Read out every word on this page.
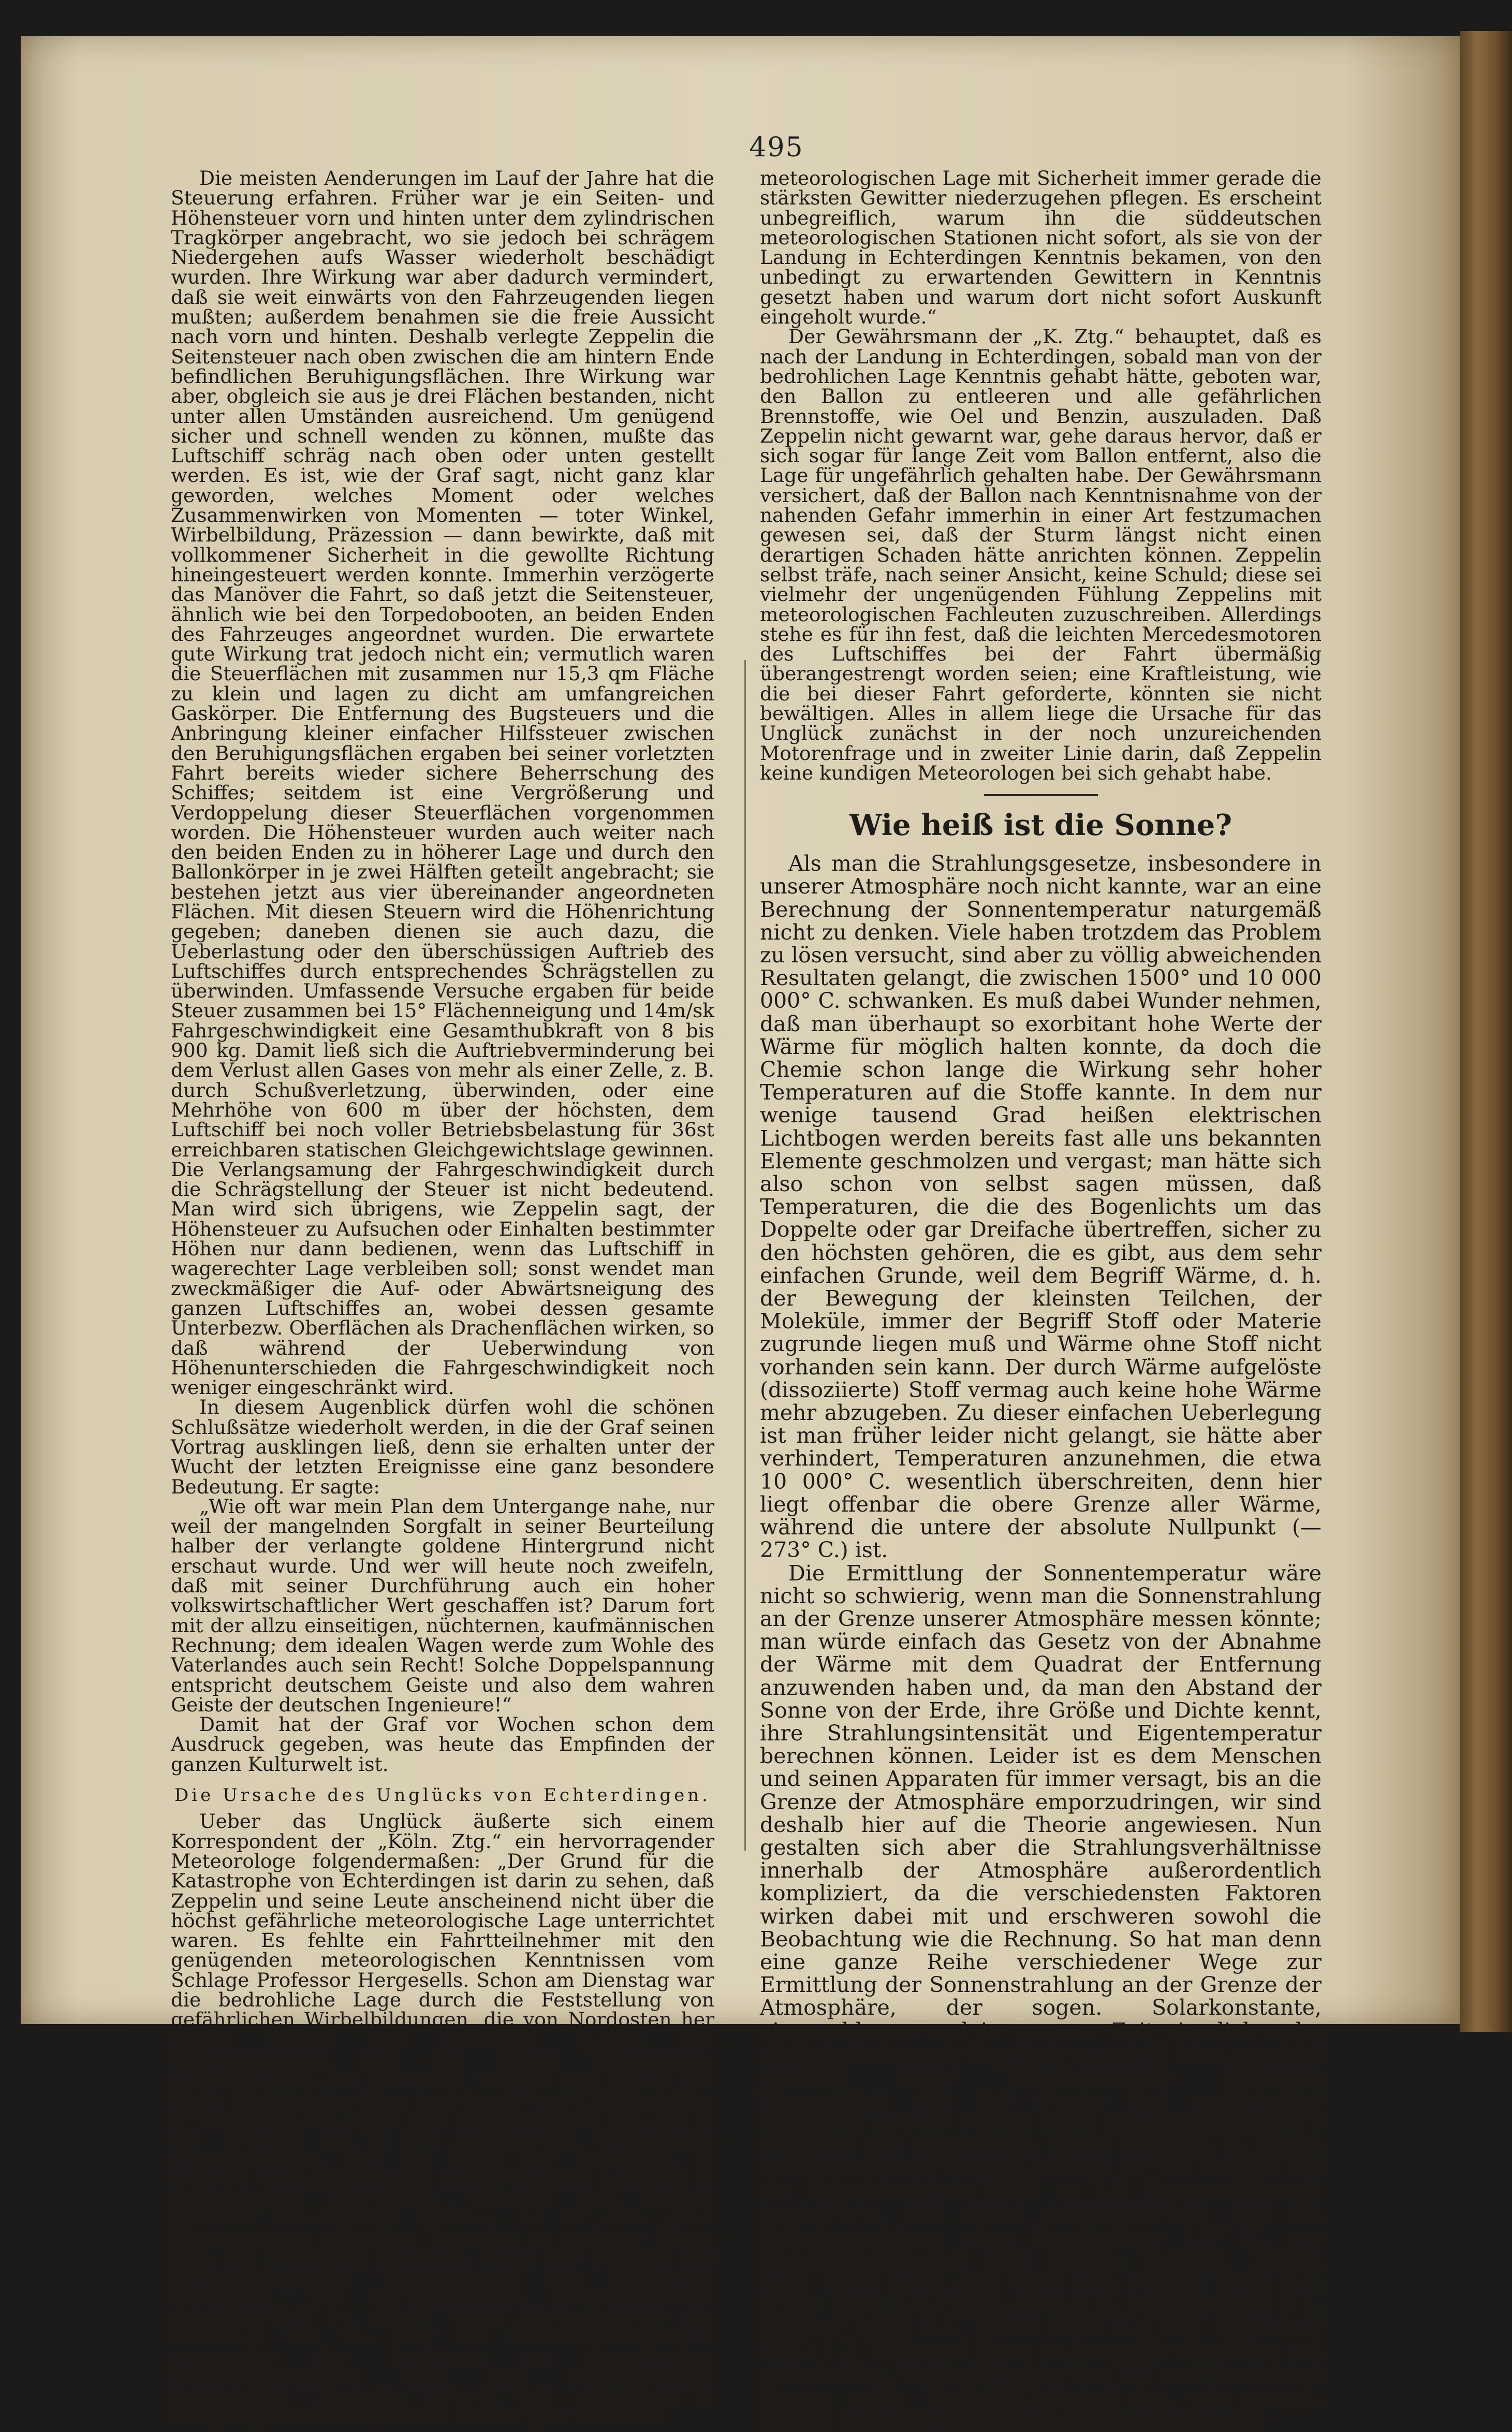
495

Die meisten Aenderungen im Lauf der Jahre hat die Steuerung erfahren. Früher war je ein Seiten- und Höhensteuer vorn und hinten unter dem zylindrischen Tragkörper angebracht, wo sie jedoch bei schrägem Niedergehen aufs Wasser wiederholt beschädigt wurden. Ihre Wirkung war aber dadurch vermindert, daß sie weit einwärts von den Fahrzeugenden liegen mußten; außerdem benahmen sie die freie Aussicht nach vorn und hinten. Deshalb verlegte Zeppelin die Seitensteuer nach oben zwischen die am hintern Ende befindlichen Beruhigungsflächen. Ihre Wirkung war aber, obgleich sie aus je drei Flächen bestanden, nicht unter allen Umständen ausreichend. Um genügend sicher und schnell wenden zu können, mußte das Luftschiff schräg nach oben oder unten gestellt werden. Es ist, wie der Graf sagt, nicht ganz klar geworden, welches Moment oder welches Zusammenwirken von Momenten — toter Winkel, Wirbelbildung, Präzession — dann bewirkte, daß mit vollkommener Sicherheit in die gewollte Richtung hineingesteuert werden konnte. Immerhin verzögerte das Manöver die Fahrt, so daß jetzt die Seitensteuer, ähnlich wie bei den Torpedobooten, an beiden Enden des Fahrzeuges angeordnet wurden. Die erwartete gute Wirkung trat jedoch nicht ein; vermutlich waren die Steuerflächen mit zusammen nur 15,3 qm Fläche zu klein und lagen zu dicht am umfangreichen Gaskörper. Die Entfernung des Bugsteuers und die Anbringung kleiner einfacher Hilfssteuer zwischen den Beruhigungsflächen ergaben bei seiner vorletzten Fahrt bereits wieder sichere Beherrschung des Schiffes; seitdem ist eine Vergrößerung und Verdoppelung dieser Steuerflächen vorgenommen worden. Die Höhensteuer wurden auch weiter nach den beiden Enden zu in höherer Lage und durch den Ballonkörper in je zwei Hälften geteilt angebracht; sie bestehen jetzt aus vier übereinander angeordneten Flächen. Mit diesen Steuern wird die Höhenrichtung gegeben; daneben dienen sie auch dazu, die Ueberlastung oder den überschüssigen Auftrieb des Luftschiffes durch entsprechendes Schrägstellen zu überwinden. Umfassende Versuche ergaben für beide Steuer zusammen bei 15° Flächenneigung und 14m/sk Fahrgeschwindigkeit eine Gesamthubkraft von 8 bis 900 kg. Damit ließ sich die Auftriebverminderung bei dem Verlust allen Gases von mehr als einer Zelle, z. B. durch Schußverletzung, überwinden, oder eine Mehrhöhe von 600 m über der höchsten, dem Luftschiff bei noch voller Betriebsbelastung für 36st erreichbaren statischen Gleichgewichtslage gewinnen. Die Verlangsamung der Fahrgeschwindigkeit durch die Schrägstellung der Steuer ist nicht bedeutend. Man wird sich übrigens, wie Zeppelin sagt, der Höhensteuer zu Aufsuchen oder Einhalten bestimmter Höhen nur dann bedienen, wenn das Luftschiff in wagerechter Lage verbleiben soll; sonst wendet man zweckmäßiger die Auf- oder Abwärtsneigung des ganzen Luftschiffes an, wobei dessen gesamte Unterbezw. Oberflächen als Drachenflächen wirken, so daß während der Ueberwindung von Höhenunterschieden die Fahrgeschwindigkeit noch weniger eingeschränkt wird.

In diesem Augenblick dürfen wohl die schönen Schlußsätze wiederholt werden, in die der Graf seinen Vortrag ausklingen ließ, denn sie erhalten unter der Wucht der letzten Ereignisse eine ganz besondere Bedeutung. Er sagte:

„Wie oft war mein Plan dem Untergange nahe, nur weil der mangelnden Sorgfalt in seiner Beurteilung halber der verlangte goldene Hintergrund nicht erschaut wurde. Und wer will heute noch zweifeln, daß mit seiner Durchführung auch ein hoher volkswirtschaftlicher Wert geschaffen ist? Darum fort mit der allzu einseitigen, nüchternen, kaufmännischen Rechnung; dem idealen Wagen werde zum Wohle des Vaterlandes auch sein Recht! Solche Doppelspannung entspricht deutschem Geiste und also dem wahren Geiste der deutschen Ingenieure!“

Damit hat der Graf vor Wochen schon dem Ausdruck gegeben, was heute das Empfinden der ganzen Kulturwelt ist.

Die Ursache des Unglücks von Echterdingen.

Ueber das Unglück äußerte sich einem Korrespondent der „Köln. Ztg.“ ein hervorragender Meteorologe folgendermaßen: „Der Grund für die Katastrophe von Echterdingen ist darin zu sehen, daß Zeppelin und seine Leute anscheinend nicht über die höchst gefährliche meteorologische Lage unterrichtet waren. Es fehlte ein Fahrtteilnehmer mit den genügenden meteorologischen Kenntnissen vom Schlage Professor Hergesells. Schon am Dienstag war die bedrohliche Lage durch die Feststellung von gefährlichen Wirbelbildungen, die von Nordosten her gegen Süden und Südosten (gegen das Bodenseegebiet und das Elsaß) vordrangen, vorgezeichnet. Am Mittwoch morgen war durch die bloße Wolkeninspektion und durch einen Blick auf die in Straßburg, Stuttgart und München um 8 Uhr und in der Schweiz um 9 Uhr vorliegende Wetterkarte vorauszusehen, daß am Rand der Föhnzone, in welcher sich Zeppelin bei seiner zweiten Landung in Echterdingen niederließ, schwere und heftige Gewitter niedergehen mußten. Es ist eine allen Meteorologen geläufige Tatsache, in welcher Weise sich die Witterung gestaltet, wenn der Vorstoß der hereindrängenden Depressionen von Nordosten herkommt. Die schweizerische meteorologische Zentralanstalt in Zürich hatte beispielsweise am Mittwoch um 9½ Uhr ein Warnungstelegramm angesichts des bestimmt zu erwartenden Temperatursturzes und der Niederschläge ausgegeben. Zeppelin befand sich außerdem in demjenigen Gebiete, in dem bei der geschilderten

meteorologischen Lage mit Sicherheit immer gerade die stärksten Gewitter niederzugehen pflegen. Es erscheint unbegreiflich, warum ihn die süddeutschen meteorologischen Stationen nicht sofort, als sie von der Landung in Echterdingen Kenntnis bekamen, von den unbedingt zu erwartenden Gewittern in Kenntnis gesetzt haben und warum dort nicht sofort Auskunft eingeholt wurde.“

Der Gewährsmann der „K. Ztg.“ behauptet, daß es nach der Landung in Echterdingen, sobald man von der bedrohlichen Lage Kenntnis gehabt hätte, geboten war, den Ballon zu entleeren und alle gefährlichen Brennstoffe, wie Oel und Benzin, auszuladen. Daß Zeppelin nicht gewarnt war, gehe daraus hervor, daß er sich sogar für lange Zeit vom Ballon entfernt, also die Lage für ungefährlich gehalten habe. Der Gewährsmann versichert, daß der Ballon nach Kenntnisnahme von der nahenden Gefahr immerhin in einer Art festzumachen gewesen sei, daß der Sturm längst nicht einen derartigen Schaden hätte anrichten können. Zeppelin selbst träfe, nach seiner Ansicht, keine Schuld; diese sei vielmehr der ungenügenden Fühlung Zeppelins mit meteorologischen Fachleuten zuzuschreiben. Allerdings stehe es für ihn fest, daß die leichten Mercedesmotoren des Luftschiffes bei der Fahrt übermäßig überangestrengt worden seien; eine Kraftleistung, wie die bei dieser Fahrt geforderte, könnten sie nicht bewältigen. Alles in allem liege die Ursache für das Unglück zunächst in der noch unzureichenden Motorenfrage und in zweiter Linie darin, daß Zeppelin keine kundigen Meteorologen bei sich gehabt habe.

Wie heiß ist die Sonne?

Als man die Strahlungsgesetze, insbesondere in unserer Atmosphäre noch nicht kannte, war an eine Berechnung der Sonnentemperatur naturgemäß nicht zu denken. Viele haben trotzdem das Problem zu lösen versucht, sind aber zu völlig abweichenden Resultaten gelangt, die zwischen 1500° und 10 000 000° C. schwanken. Es muß dabei Wunder nehmen, daß man überhaupt so exorbitant hohe Werte der Wärme für möglich halten konnte, da doch die Chemie schon lange die Wirkung sehr hoher Temperaturen auf die Stoffe kannte. In dem nur wenige tausend Grad heißen elektrischen Lichtbogen werden bereits fast alle uns bekannten Elemente geschmolzen und vergast; man hätte sich also schon von selbst sagen müssen, daß Temperaturen, die die des Bogenlichts um das Doppelte oder gar Dreifache übertreffen, sicher zu den höchsten gehören, die es gibt, aus dem sehr einfachen Grunde, weil dem Begriff Wärme, d. h. der Bewegung der kleinsten Teilchen, der Moleküle, immer der Begriff Stoff oder Materie zugrunde liegen muß und Wärme ohne Stoff nicht vorhanden sein kann. Der durch Wärme aufgelöste (dissoziierte) Stoff vermag auch keine hohe Wärme mehr abzugeben. Zu dieser einfachen Ueberlegung ist man früher leider nicht gelangt, sie hätte aber verhindert, Temperaturen anzunehmen, die etwa 10 000° C. wesentlich überschreiten, denn hier liegt offenbar die obere Grenze aller Wärme, während die untere der absolute Nullpunkt (— 273° C.) ist.

Die Ermittlung der Sonnentemperatur wäre nicht so schwierig, wenn man die Sonnenstrahlung an der Grenze unserer Atmosphäre messen könnte; man würde einfach das Gesetz von der Abnahme der Wärme mit dem Quadrat der Entfernung anzuwenden haben und, da man den Abstand der Sonne von der Erde, ihre Größe und Dichte kennt, ihre Strahlungsintensität und Eigentemperatur berechnen können. Leider ist es dem Menschen und seinen Apparaten für immer versagt, bis an die Grenze der Atmosphäre emporzudringen, wir sind deshalb hier auf die Theorie angewiesen. Nun gestalten sich aber die Strahlungsverhältnisse innerhalb der Atmosphäre außerordentlich kompliziert, da die verschiedensten Faktoren wirken dabei mit und erschweren sowohl die Beobachtung wie die Rechnung. So hat man denn eine ganze Reihe verschiedener Wege zur Ermittlung der Sonnenstrahlung an der Grenze der Atmosphäre, der sogen. Solarkonstante, eingeschlagen und in neuerer Zeit ziemlich nahe übereinstimmende Ergebnisse erzielt. Man versteht nämlich unter Solarkonstante diejenige Temperatur, die die Sonne bei senkrechter Strahlung auf die Fläche eines Quadratzentimeters während der Zeiteinheit (einer Minute) in einem Kubikzentimeter Wasser erzeugt. Schon Pouillet hat die Solarkonstante 1837 zu 1.8 Gramm-Kalorien angegeben, also damit ausgesprochen, daß die Sonnenstrahlung ohne Atmosphäre 1.8° C. per Quadratzentimeter und Minute beträgt. Hagen fand 1860 dafür den Wert 1.9, Forbes 1872 2.8, Violle 1875 2.6, Crova 1878 2.3, Langley 1884 3.1, Pernter 1889 3.2, Rizzo 1898 2.5 und Schreiner 1902 2.3. Während Hann sich nun für den Wert 3.0 entscheidet, bleibt Scheiner bei 2.3 und berechnet daraus unter Berücksichtigung der, wie gesagt, höchst komplizierten Strahlungsgesetze durch
